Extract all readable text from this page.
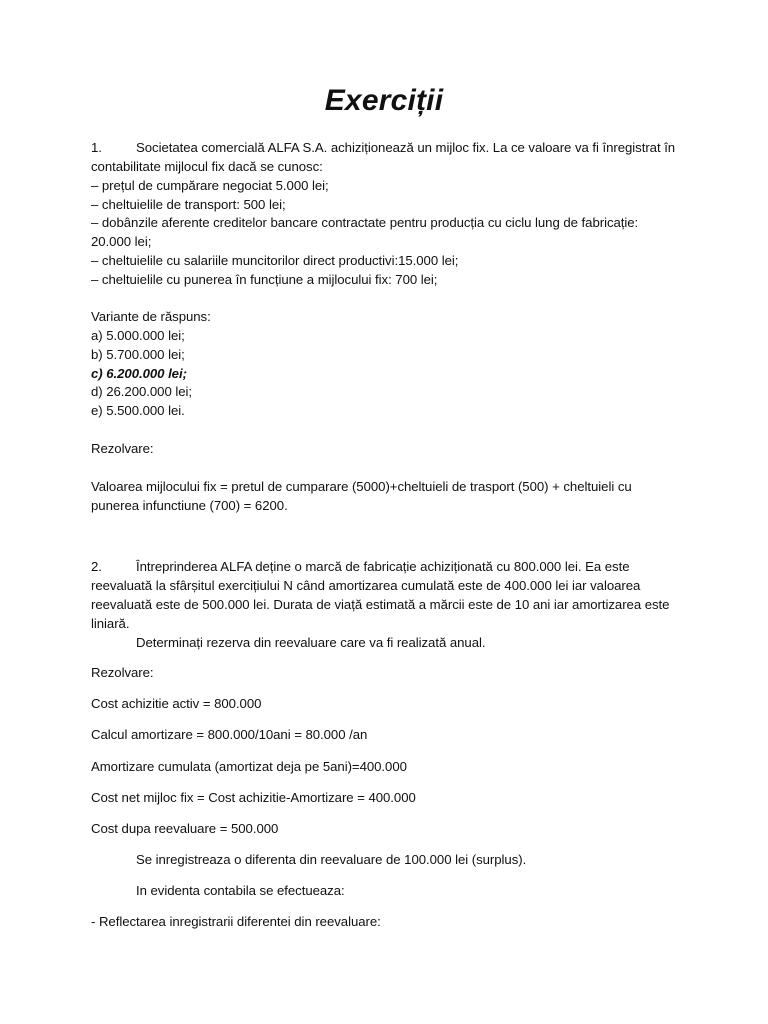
Exerciții
1.	Societatea comercială ALFA S.A. achiziționează un mijloc fix. La ce valoare va fi înregistrat în
contabilitate mijlocul fix dacă se cunosc:
– prețul de cumpărare negociat 5.000 lei;
– cheltuielile de transport: 500 lei;
– dobânzile aferente creditelor bancare contractate pentru producția cu ciclu lung de fabricație:
20.000 lei;
– cheltuielile cu salariile muncitorilor direct productivi:15.000 lei;
– cheltuielile cu punerea în funcțiune a mijlocului fix: 700 lei;
Variante de răspuns:
a) 5.000.000 lei;
b) 5.700.000 lei;
c) 6.200.000 lei;
d) 26.200.000 lei;
e) 5.500.000 lei.
Rezolvare:
Valoarea mijlocului fix = pretul de cumparare (5000)+cheltuieli de trasport (500) + cheltuieli cu
punerea infunctiune (700) = 6200.
2.	Întreprinderea ALFA deține o marcă de fabricație achiziționată cu 800.000 lei. Ea este
reevaluată la sfârșitul exercițiului N când amortizarea cumulată este de 400.000 lei iar valoarea
reevaluată este de 500.000 lei. Durata de viață estimată a mărcii este de 10 ani iar amortizarea este
liniară.
Determinați rezerva din reevaluare care va fi realizată anual.
Rezolvare:
Cost achizitie activ = 800.000
Calcul amortizare = 800.000/10ani = 80.000 /an
Amortizare cumulata (amortizat deja pe 5ani)=400.000
Cost net mijloc fix = Cost achizitie-Amortizare = 400.000
Cost dupa reevaluare = 500.000
Se inregistreaza o diferenta din reevaluare de 100.000 lei (surplus).
In evidenta contabila se efectueaza:
- Reflectarea inregistrarii diferentei din reevaluare:
